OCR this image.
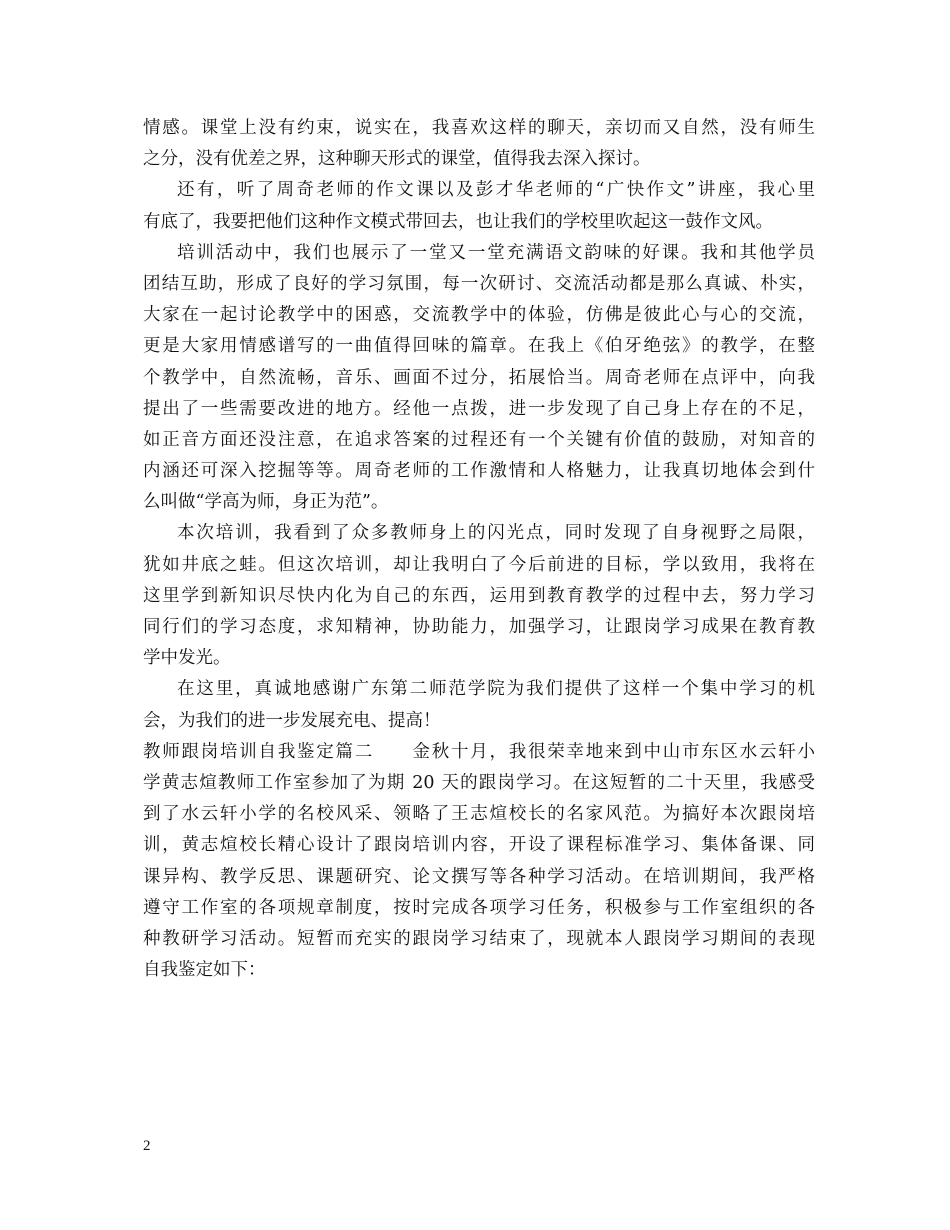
情感。课堂上没有约束，说实在，我喜欢这样的聊天，亲切而又自然，没有师生
之分，没有优差之界，这种聊天形式的课堂，值得我去深入探讨。
还有，听了周奇老师的作文课以及彭才华老师的“广快作文”讲座，我心里
有底了，我要把他们这种作文模式带回去，也让我们的学校里吹起这一鼓作文风。
培训活动中，我们也展示了一堂又一堂充满语文韵味的好课。我和其他学员
团结互助，形成了良好的学习氛围，每一次研讨、交流活动都是那么真诚、朴实，
大家在一起讨论教学中的困惑，交流教学中的体验，仿佛是彼此心与心的交流，
更是大家用情感谱写的一曲值得回味的篇章。在我上《伯牙绝弦》的教学，在整
个教学中，自然流畅，音乐、画面不过分，拓展恰当。周奇老师在点评中，向我
提出了一些需要改进的地方。经他一点拨，进一步发现了自己身上存在的不足，
如正音方面还没注意，在追求答案的过程还有一个关键有价值的鼓励，对知音的
内涵还可深入挖掘等等。周奇老师的工作激情和人格魅力，让我真切地体会到什
么叫做“学高为师，身正为范”。
本次培训，我看到了众多教师身上的闪光点，同时发现了自身视野之局限，
犹如井底之蛙。但这次培训，却让我明白了今后前进的目标，学以致用，我将在
这里学到新知识尽快内化为自己的东西，运用到教育教学的过程中去，努力学习
同行们的学习态度，求知精神，协助能力，加强学习，让跟岗学习成果在教育教
学中发光。
在这里，真诚地感谢广东第二师范学院为我们提供了这样一个集中学习的机
会，为我们的进一步发展充电、提高！
教师跟岗培训自我鉴定篇二　　金秋十月，我很荣幸地来到中山市东区水云轩小
学黄志煊教师工作室参加了为期 20 天的跟岗学习。在这短暂的二十天里，我感受
到了水云轩小学的名校风采、领略了王志煊校长的名家风范。为搞好本次跟岗培
训，黄志煊校长精心设计了跟岗培训内容，开设了课程标准学习、集体备课、同
课异构、教学反思、课题研究、论文撰写等各种学习活动。在培训期间，我严格
遵守工作室的各项规章制度，按时完成各项学习任务，积极参与工作室组织的各
种教研学习活动。短暂而充实的跟岗学习结束了，现就本人跟岗学习期间的表现
自我鉴定如下：
2
